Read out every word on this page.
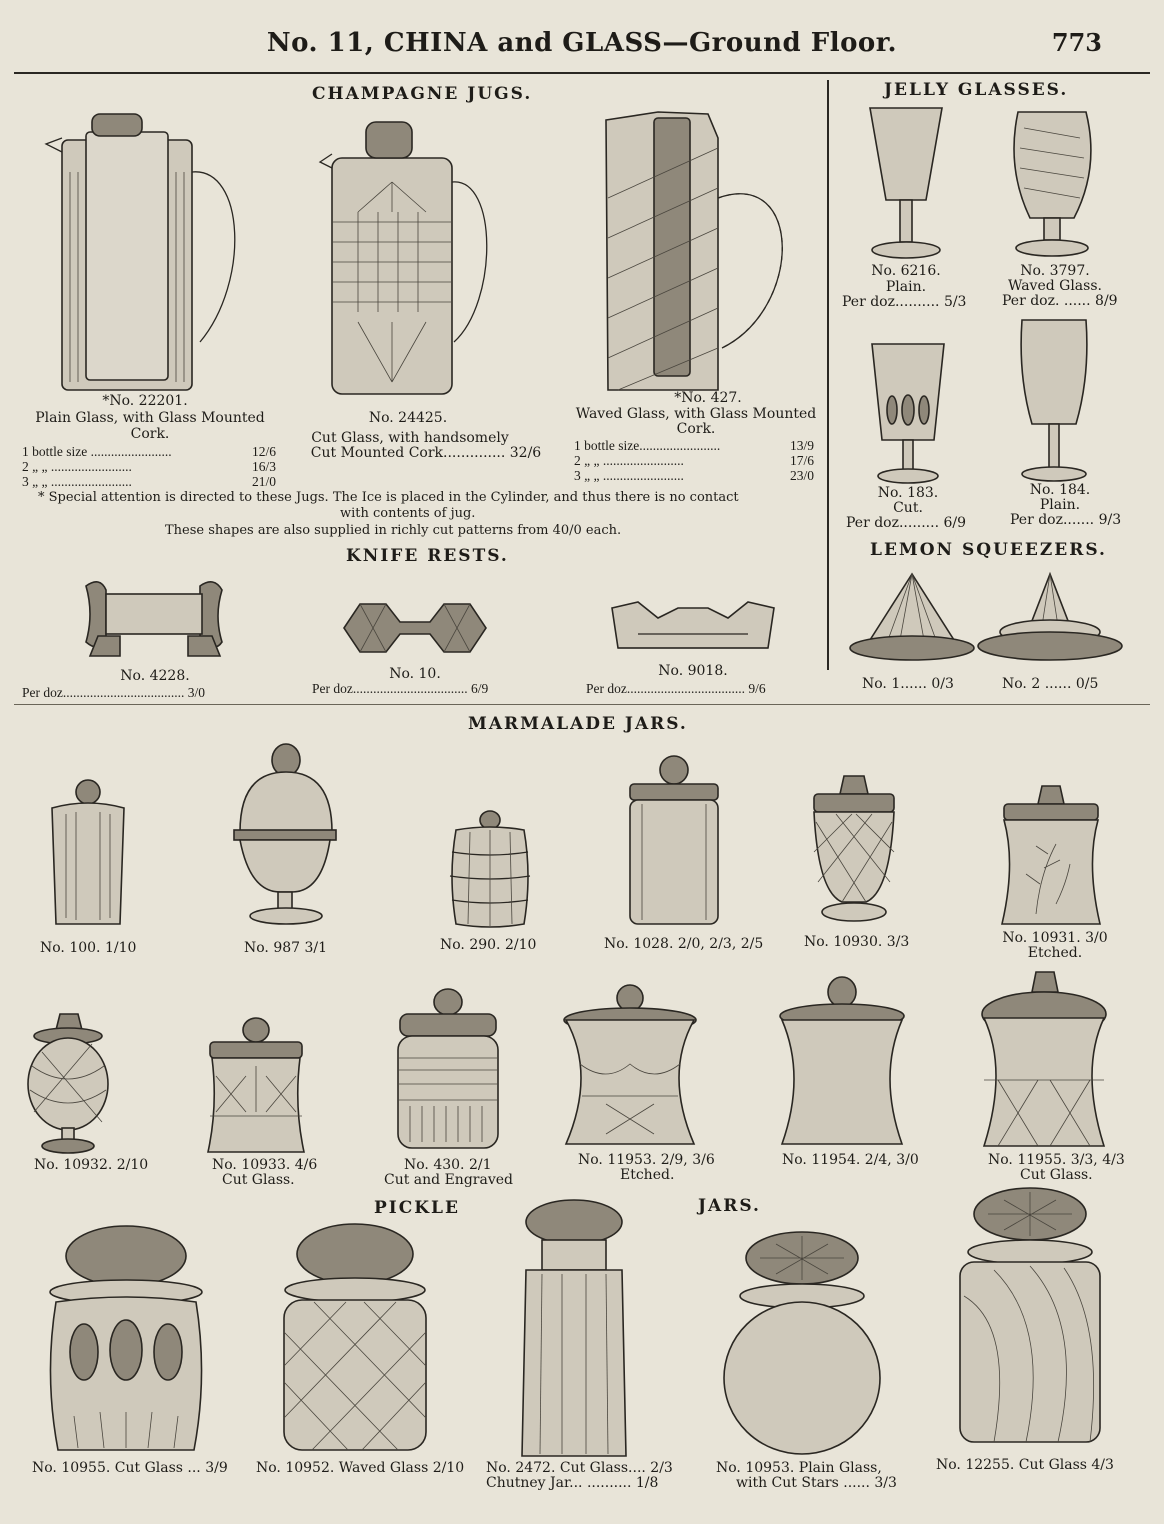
No. 11, CHINA and GLASS—Ground Floor.	773
CHAMPAGNE JUGS.
*No. 22201.
Plain Glass, with Glass Mounted
Cork.
1 bottle size ........................	12/6
2 „ „ ........................	16/3
3 „ „ ........................	21/0
No. 24425.
Cut Glass, with handsomely
Cut Mounted Cork.............. 32/6
*No. 427.
Waved Glass, with Glass Mounted
Cork.
1 bottle size........................	13/9
2 „ „ ........................	17/6
3 „ „ ........................	23/0
* Special attention is directed to these Jugs. The Ice is placed in the Cylinder, and thus there is no contact
with contents of jug.
These shapes are also supplied in richly cut patterns from 40/0 each.
KNIFE RESTS.
No. 4228.
Per doz.................................... 3/0
No. 10.
Per doz.................................. 6/9
No. 9018.
Per doz................................... 9/6
JELLY GLASSES.
No. 6216.
Plain.
Per doz.......... 5/3
No. 3797.
Waved Glass.
Per doz. ...... 8/9
No. 183.
Cut.
Per doz......... 6/9
No. 184.
Plain.
Per doz....... 9/3
LEMON SQUEEZERS.
No. 1...... 0/3	No. 2 ...... 0/5
MARMALADE JARS.
No. 100. 1/10	No. 987 3/1	No. 290. 2/10	No. 1028. 2/0, 2/3, 2/5	No. 10930. 3/3	No. 10931. 3/0
Etched.
No. 10932. 2/10	No. 10933. 4/6
Cut Glass.
No. 430. 2/1
Cut and Engraved
No. 11953. 2/9, 3/6
Etched.
No. 11954. 2/4, 3/0	No. 11955. 3/3, 4/3
Cut Glass.
PICKLE	JARS.
No. 10955. Cut Glass ... 3/9	No. 10952. Waved Glass 2/10 No. 2472. Cut Glass.... 2/3
Chutney Jar... .......... 1/8
No. 10953. Plain Glass,
with Cut Stars ...... 3/3
No. 12255. Cut Glass 4/3
